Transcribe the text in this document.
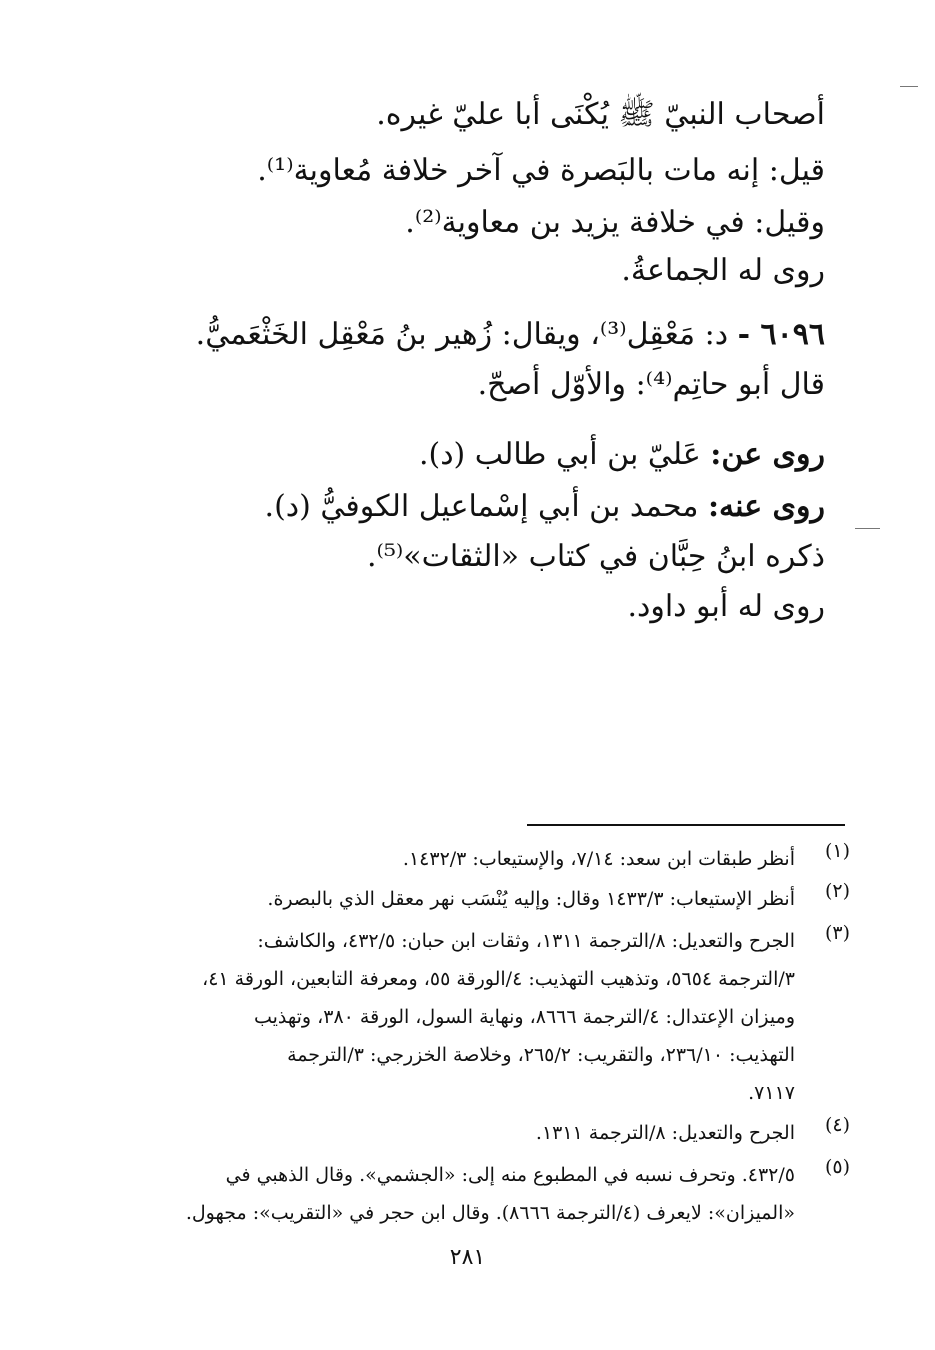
أصحاب النبيّ ﷺ يُكْنَى أبا عليّ غيره.
قيل: إنه مات بالبَصرة في آخر خلافة مُعاوية⁽¹⁾.
وقيل: في خلافة يزيد بن معاوية⁽²⁾.
روى له الجماعةُ.
٦٠٩٦ - د: مَعْقِل⁽³⁾، ويقال: زُهير بنُ مَعْقِل الخَثْعَميُّ.
قال أبو حاتِم⁽⁴⁾: والأوّل أصحّ.
روى عن: عَليّ بن أبي طالب (د).
روى عنه: محمد بن أبي إسْماعيل الكوفيُّ (د).
ذكره ابنُ حِبَّان في كتاب «الثقات»⁽⁵⁾.
روى له أبو داود.
(١)
أنظر طبقات ابن سعد: ٧/١٤، والإستيعاب: ١٤٣٢/٣.
(٢)
أنظر الإستيعاب: ١٤٣٣/٣ وقال: وإليه يُنْسَب نهر معقل الذي بالبصرة.
(٣)
الجرح والتعديل: ٨/الترجمة ١٣١١، وثقات ابن حبان: ٤٣٢/٥، والكاشف:
٣/الترجمة ٥٦٥٤، وتذهيب التهذيب: ٤/الورقة ٥٥، ومعرفة التابعين، الورقة ٤١،
وميزان الإعتدال: ٤/الترجمة ٨٦٦٦، ونهاية السول، الورقة ٣٨٠، وتهذيب
التهذيب: ٢٣٦/١٠، والتقريب: ٢٦٥/٢، وخلاصة الخزرجي: ٣/الترجمة
٧١١٧.
(٤)
الجرح والتعديل: ٨/الترجمة ١٣١١.
(٥)
٤٣٢/٥. وتحرف نسبه في المطبوع منه إلى: «الجشمي». وقال الذهبي في
«الميزان»: لايعرف (٤/الترجمة ٨٦٦٦). وقال ابن حجر في «التقريب»: مجهول.
٢٨١
